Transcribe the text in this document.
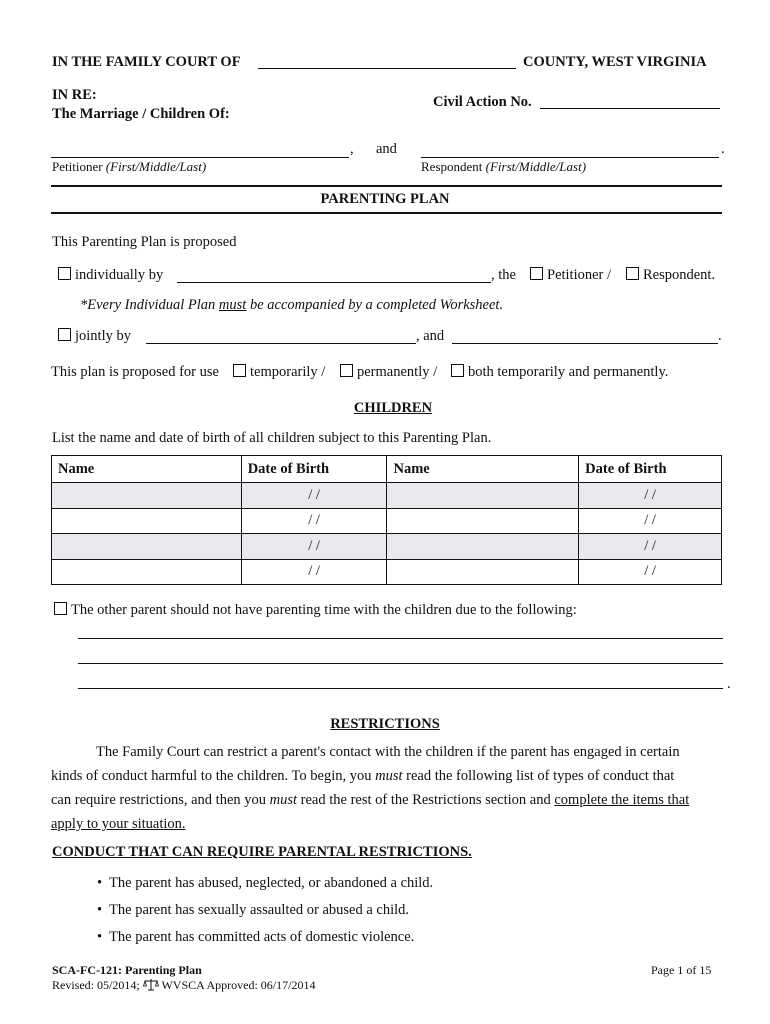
IN THE FAMILY COURT OF	COUNTY, WEST VIRGINIA
IN RE:
The Marriage / Children Of:
Civil Action No.
, and	.
Petitioner (First/Middle/Last)	Respondent (First/Middle/Last)
PARENTING PLAN
This Parenting Plan is proposed
individually by	, the	Petitioner /	Respondent.
*Every Individual Plan must be accompanied by a completed Worksheet.
jointly by	, and	.
This plan is proposed for use	temporarily /	permanently /	both temporarily and permanently.
CHILDREN
List the name and date of birth of all children subject to this Parenting Plan.
Name	Date of Birth	Name	Date of Birth
	/ /		/ /
	/ /		/ /
	/ /		/ /
	/ /		/ /
The other parent should not have parenting time with the children due to the following:
.
RESTRICTIONS
The Family Court can restrict a parent's contact with the children if the parent has engaged in certain
kinds of conduct harmful to the children. To begin, you must read the following list of types of conduct that
can require restrictions, and then you must read the rest of the Restrictions section and complete the items that
apply to your situation.
CONDUCT THAT CAN REQUIRE PARENTAL RESTRICTIONS.
• The parent has abused, neglected, or abandoned a child.
• The parent has sexually assaulted or abused a child.
• The parent has committed acts of domestic violence.
SCA-FC-121: Parenting Plan
Revised: 05/2014; WVSCA Approved: 06/17/2014
Page 1 of 15
